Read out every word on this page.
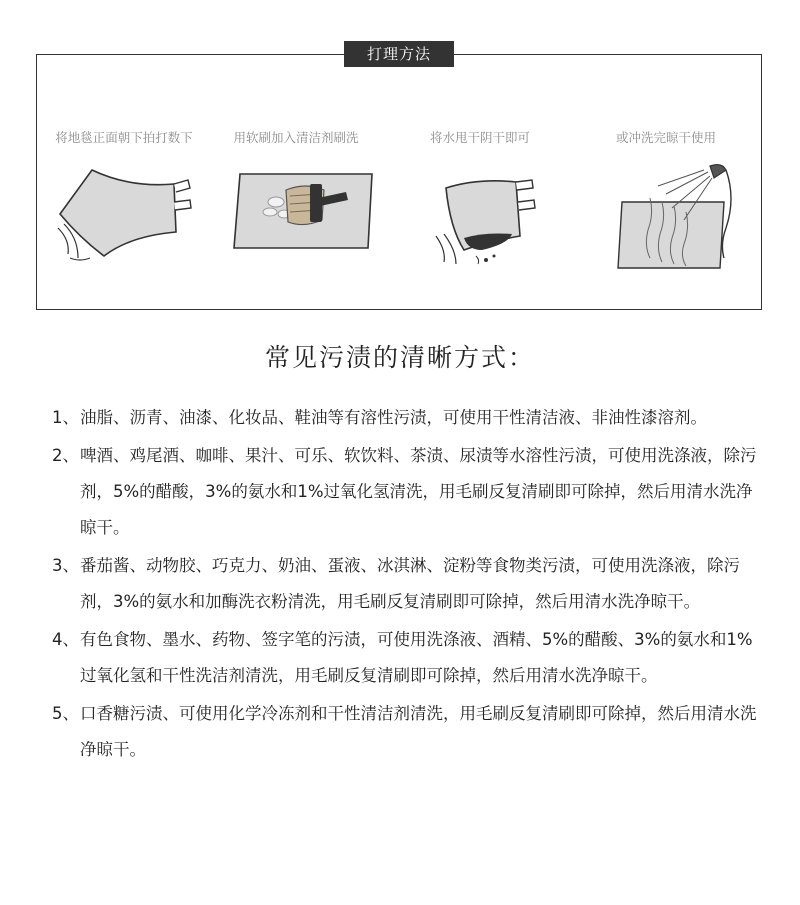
打理方法
将地毯正面朝下拍打数下	用软刷加入清洁剂刷洗	将水甩干阴干即可	或冲洗完晾干使用
常见污渍的清晰方式：
1、 油脂、沥青、油漆、化妆品、鞋油等有溶性污渍，可使用干性清洁液、非油性漆溶剂。
2、 啤酒、鸡尾酒、咖啡、果汁、可乐、软饮料、茶渍、尿渍等水溶性污渍，可使用洗涤液，除污剂，5%的醋酸，3%的氨水和1%过氧化氢清洗，用毛刷反复清刷即可除掉，然后用清水洗净晾干。
3、 番茄酱、动物胶、巧克力、奶油、蛋液、冰淇淋、淀粉等食物类污渍，可使用洗涤液，除污剂，3%的氨水和加酶洗衣粉清洗，用毛刷反复清刷即可除掉，然后用清水洗净晾干。
4、 有色食物、墨水、药物、签字笔的污渍，可使用洗涤液、酒精、5%的醋酸、3%的氨水和1%过氧化氢和干性洗洁剂清洗，用毛刷反复清刷即可除掉，然后用清水洗净晾干。
5、 口香糖污渍、可使用化学冷冻剂和干性清洁剂清洗，用毛刷反复清刷即可除掉，然后用清水洗净晾干。
